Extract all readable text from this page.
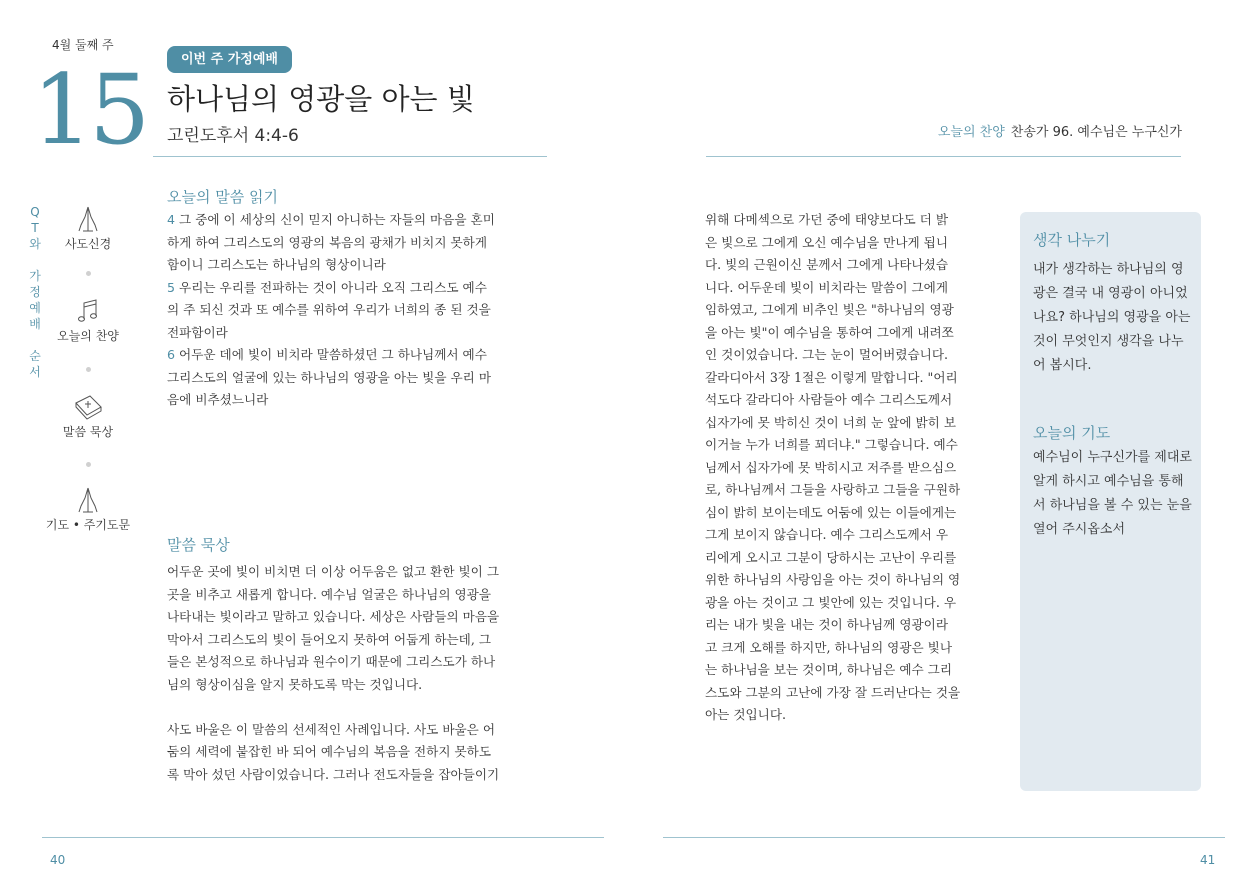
4월 둘째 주
15	이번 주 가정예배
하나님의 영광을 아는 빛
고린도후서 4:4-6	오늘의 찬양 찬송가 96. 예수님은 누구신가
Q
T
와
가
정
예
배
순
서
사도신경
오늘의 찬양
말씀 묵상
기도 • 주기도문
오늘의 말씀 읽기
4 그 중에 이 세상의 신이 믿지 아니하는 자들의 마음을 혼미
하게 하여 그리스도의 영광의 복음의 광채가 비치지 못하게
함이니 그리스도는 하나님의 형상이니라
5 우리는 우리를 전파하는 것이 아니라 오직 그리스도 예수
의 주 되신 것과 또 예수를 위하여 우리가 너희의 종 된 것을
전파함이라
6 어두운 데에 빛이 비치라 말씀하셨던 그 하나님께서 예수
그리스도의 얼굴에 있는 하나님의 영광을 아는 빛을 우리 마
음에 비추셨느니라
말씀 묵상
어두운 곳에 빛이 비치면 더 이상 어두움은 없고 환한 빛이 그
곳을 비추고 새롭게 합니다. 예수님 얼굴은 하나님의 영광을
나타내는 빛이라고 말하고 있습니다. 세상은 사람들의 마음을
막아서 그리스도의 빛이 들어오지 못하여 어둡게 하는데, 그
들은 본성적으로 하나님과 원수이기 때문에 그리스도가 하나
님의 형상이심을 알지 못하도록 막는 것입니다.
사도 바울은 이 말씀의 선세적인 사례입니다. 사도 바울은 어
둠의 세력에 붙잡힌 바 되어 예수님의 복음을 전하지 못하도
록 막아 섰던 사람이었습니다. 그러나 전도자들을 잡아들이기
위해 다메섹으로 가던 중에 태양보다도 더 밝
은 빛으로 그에게 오신 예수님을 만나게 됩니
다. 빛의 근원이신 분께서 그에게 나타나셨습
니다. 어두운데 빛이 비치라는 말씀이 그에게
임하였고, 그에게 비추인 빛은 "하나님의 영광
을 아는 빛"이 예수님을 통하여 그에게 내려쪼
인 것이었습니다. 그는 눈이 멀어버렸습니다.
갈라디아서 3장 1절은 이렇게 말합니다. "어리
석도다 갈라디아 사람들아 예수 그리스도께서
십자가에 못 박히신 것이 너희 눈 앞에 밝히 보
이거늘 누가 너희를 꾀더냐." 그렇습니다. 예수
님께서 십자가에 못 박히시고 저주를 받으심으
로, 하나님께서 그들을 사랑하고 그들을 구원하
심이 밝히 보이는데도 어둠에 있는 이들에게는
그게 보이지 않습니다. 예수 그리스도께서 우
리에게 오시고 그분이 당하시는 고난이 우리를
위한 하나님의 사랑임을 아는 것이 하나님의 영
광을 아는 것이고 그 빛안에 있는 것입니다. 우
리는 내가 빛을 내는 것이 하나님께 영광이라
고 크게 오해를 하지만, 하나님의 영광은 빛나
는 하나님을 보는 것이며, 하나님은 예수 그리
스도와 그분의 고난에 가장 잘 드러난다는 것을
아는 것입니다.
생각 나누기
내가 생각하는 하나님의 영
광은 결국 내 영광이 아니었
나요? 하나님의 영광을 아는
것이 무엇인지 생각을 나누
어 봅시다.
오늘의 기도
예수님이 누구신가를 제대로
알게 하시고 예수님을 통해
서 하나님을 볼 수 있는 눈을
열어 주시옵소서
40	41
